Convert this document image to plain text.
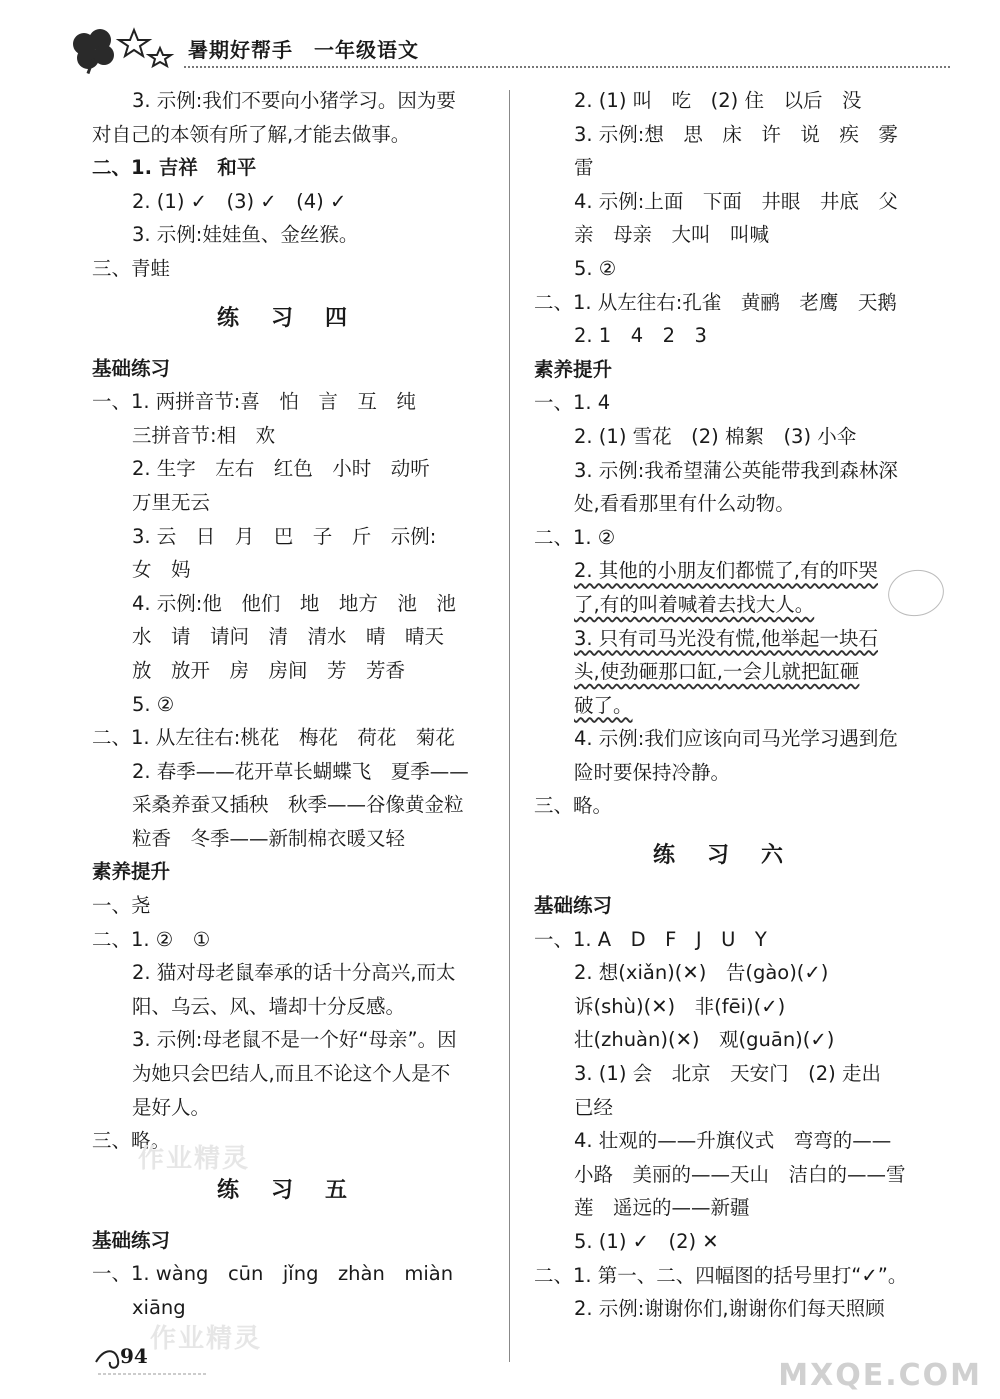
暑期好帮手　一年级语文
3. 示例:我们不要向小猪学习。因为要
对自己的本领有所了解,才能去做事。
二、1. 吉祥　和平
2. (1) ✓　(3) ✓　(4) ✓
3. 示例:娃娃鱼、金丝猴。
三、青蛙
练习四
基础练习
一、1. 两拼音节:喜　怕　言　互　纯
三拼音节:相　欢
2. 生字　左右　红色　小时　动听
万里无云
3. 云　日　月　巴　子　斤　示例:
女　妈
4. 示例:他　他们　地　地方　池　池
水　请　请问　清　清水　晴　晴天
放　放开　房　房间　芳　芳香
5. ②
二、1. 从左往右:桃花　梅花　荷花　菊花
2. 春季——花开草长蝴蝶飞　夏季——
采桑养蚕又插秧　秋季——谷像黄金粒
粒香　冬季——新制棉衣暖又轻
素养提升
一、尧
二、1. ②　①
2. 猫对母老鼠奉承的话十分高兴,而太
阳、乌云、风、墙却十分反感。
3. 示例:母老鼠不是一个好“母亲”。因
为她只会巴结人,而且不论这个人是不
是好人。
三、略。
练习五
基础练习
一、1. wàng　cūn　jǐng　zhàn　miàn
xiāng
2. (1) 叫　吃　(2) 住　以后　没
3. 示例:想　思　床　许　说　疾　雾
雷
4. 示例:上面　下面　井眼　井底　父
亲　母亲　大叫　叫喊
5. ②
二、1. 从左往右:孔雀　黄鹂　老鹰　天鹅
2. 1　4　2　3
素养提升
一、1. 4
2. (1) 雪花　(2) 棉絮　(3) 小伞
3. 示例:我希望蒲公英能带我到森林深
处,看看那里有什么动物。
二、1. ②
2. 其他的小朋友们都慌了,有的吓哭
了,有的叫着喊着去找大人。
3. 只有司马光没有慌,他举起一块石
头,使劲砸那口缸,一会儿就把缸砸
破了。
4. 示例:我们应该向司马光学习遇到危
险时要保持冷静。
三、略。
练习六
基础练习
一、1. A　D　F　J　U　Y
2. 想(xiǎn)(✕)　告(gào)(✓)
诉(shù)(✕)　非(fēi)(✓)
壮(zhuàn)(✕)　观(guān)(✓)
3. (1) 会　北京　天安门　(2) 走出
已经
4. 壮观的——升旗仪式　弯弯的——
小路　美丽的——天山　洁白的——雪
莲　遥远的——新疆
5. (1) ✓　(2) ✕
二、1. 第一、二、四幅图的括号里打“✓”。
2. 示例:谢谢你们,谢谢你们每天照顾
作业精灵
作业精灵
MXQE.COM
94
